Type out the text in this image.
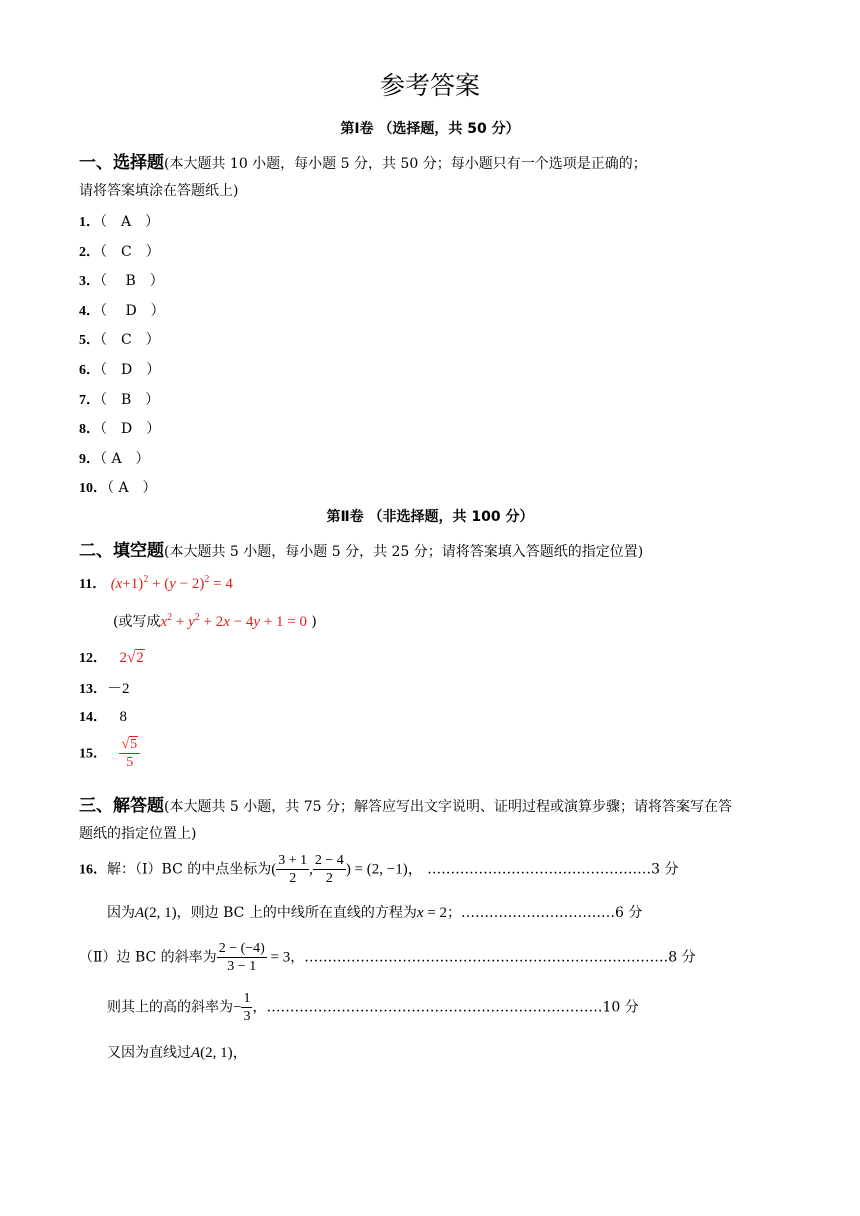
参考答案
第Ⅰ卷 （选择题，共 50 分）
一、选择题(本大题共 10 小题，每小题 5 分，共 50 分；每小题只有一个选项是正确的；
请将答案填涂在答题纸上)
1．（　A　）
2．（　C　）
3．（　 B　）
4．（　 D　）
5．（　C　）
6．（　D　）
7．（　B　）
8．（　D　）
9．（ A　）
10．（ A　）
第Ⅱ卷 （非选择题，共 100 分）
二、填空题(本大题共 5 小题，每小题 5 分，共 25 分；请将答案填入答题纸的指定位置)
11． $(x+1)^2 + (y - 2)^2 = 4$
(或写成$x^2 + y^2 + 2x - 4y + 1 = 0$ )
12． 2√2
13．－2
14． 8
15． $\frac{√5}{5}$
三、解答题(本大题共 5 小题，共 75 分；解答应写出文字说明、证明过程或演算步骤；请将答案写在答
题纸的指定位置上)
16．解：（Ⅰ）BC 的中点坐标为( $\frac{3 + 1}{2}$ , $\frac{2 - 4}{2}$ ) = (2, −1)， …………………………………………3 分
因为A(2, 1)，则边 BC 上的中线所在直线的方程为x = 2；……………………………6 分
（Ⅱ）边 BC 的斜率为 $\frac{2 - (-4)}{3 - 1} = 3$，……………………………………………………………………8 分
则其上的高的斜率为− $\frac{1}{3}$ ，………………………………………………………………10 分
又因为直线过A(2, 1)，
